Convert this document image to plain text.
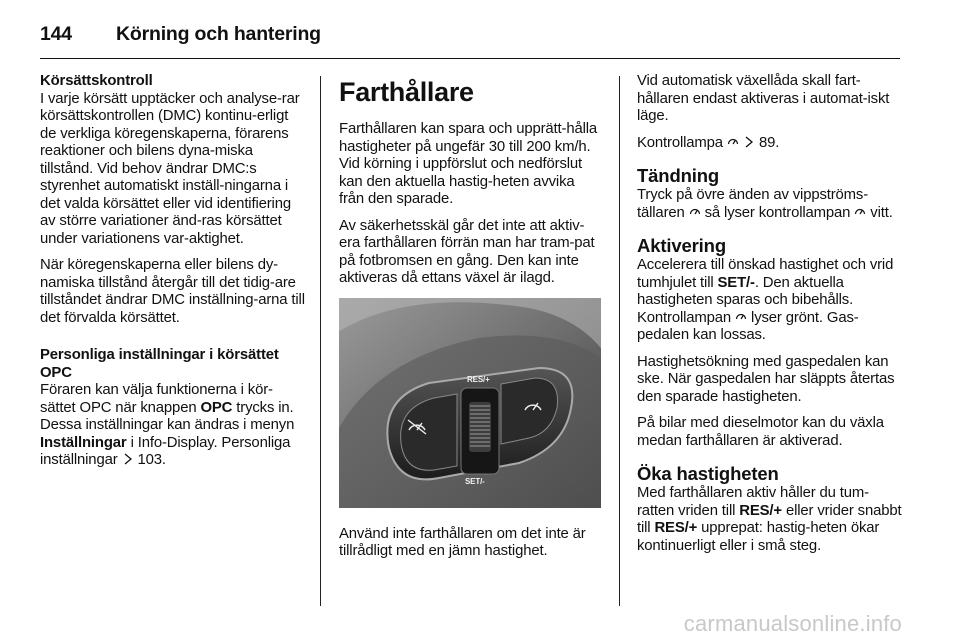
144	Körning och hantering

Körsättskontroll

I varje körsätt upptäcker och analyse-rar körsättskontrollen (DMC) kontinu-erligt de verkliga köregenskaperna, förarens reaktioner och bilens dyna-miska tillstånd. Vid behov ändrar DMC:s styrenhet automatiskt inställ-ningarna i det valda körsättet eller vid identifiering av större variationer änd-ras körsättet under variationens var-aktighet.

När köregenskaperna eller bilens dy-namiska tillstånd återgår till det tidig-are tillståndet ändrar DMC inställning-arna till det förvalda körsättet.

Personliga inställningar i körsättet OPC

Föraren kan välja funktionerna i kör-sättet OPC när knappen OPC trycks in. Dessa inställningar kan ändras i menyn Inställningar i Info-Display. Personliga inställningar
103.

Farthållare

Farthållaren kan spara och upprätt-hålla hastigheter på ungefär 30 till 200 km/h. Vid körning i uppförslut och nedförslut kan den aktuella hastig-heten avvika från den sparade.

Av säkerhetsskäl går det inte att aktiv-era farthållaren förrän man har tram-pat på fotbromsen en gång. Den kan inte aktiveras då ettans växel är ilagd.

RES/+
SET/-

Använd inte farthållaren om det inte är tillrådligt med en jämn hastighet.

Vid automatisk växellåda skall fart-hållaren endast aktiveras i automat-iskt läge.

Kontrollampa

89.

Tändning

Tryck på övre änden av vippströms-tällaren
så lyser kontrollampan
vitt.

Aktivering

Accelerera till önskad hastighet och vrid tumhjulet till SET/-. Den aktuella hastigheten sparas och bibehålls. Kontrollampan
lyser grönt. Gas-pedalen kan lossas.

Hastighetsökning med gaspedalen kan ske. När gaspedalen har släppts återtas den sparade hastigheten.

På bilar med dieselmotor kan du växla medan farthållaren är aktiverad.

Öka hastigheten

Med farthållaren aktiv håller du tum-ratten vriden till RES/+ eller vrider snabbt till RES/+ upprepat: hastig-heten ökar kontinuerligt eller i små steg.

carmanualsonline.info
